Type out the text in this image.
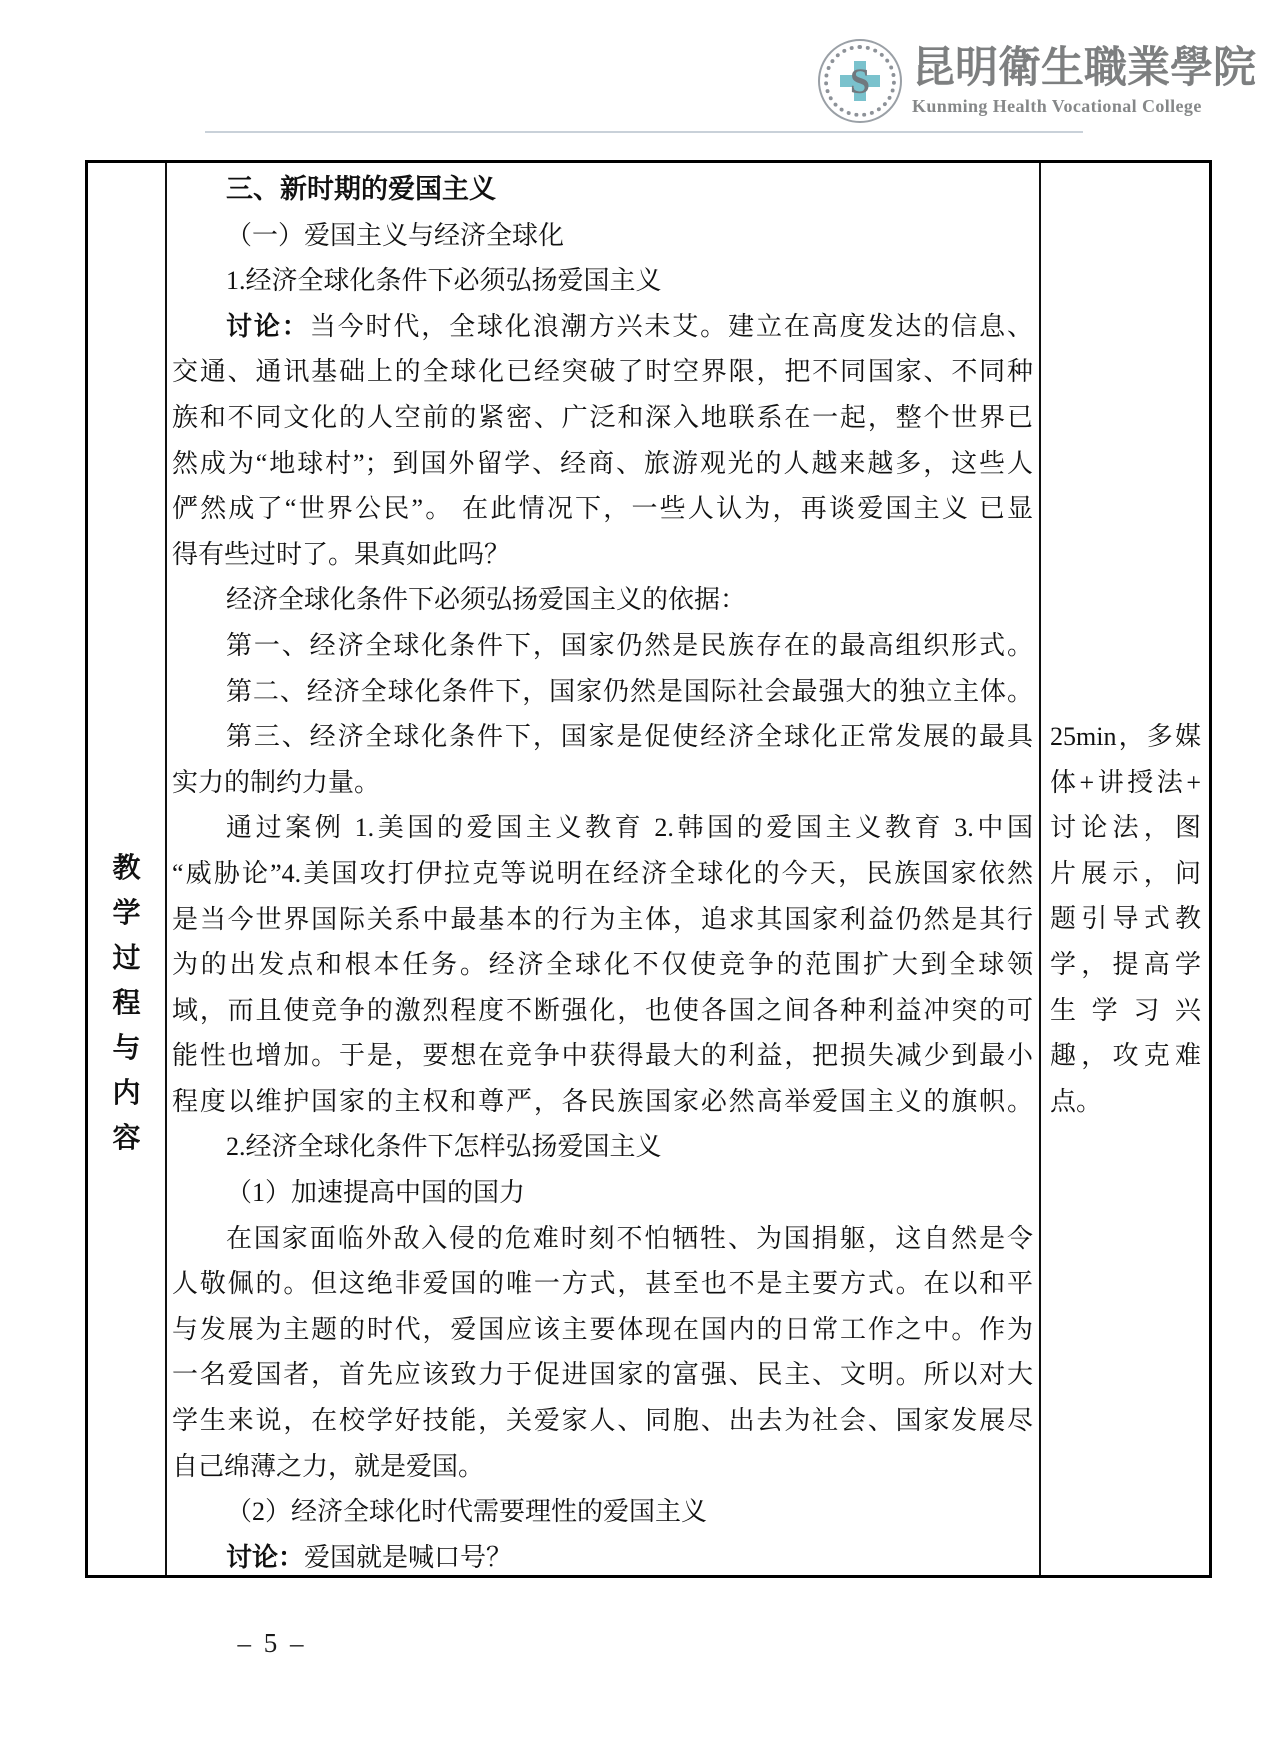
S 昆明衛生職業學院
Kunming Health Vocational College
教
学
过
程
与
内
容
三、新时期的爱国主义
（一）爱国主义与经济全球化
1.经济全球化条件下必须弘扬爱国主义
讨论：当今时代，全球化浪潮方兴未艾。建立在高度发达的信息、
交通、通讯基础上的全球化已经突破了时空界限，把不同国家、不同种
族和不同文化的人空前的紧密、广泛和深入地联系在一起，整个世界已
然成为“地球村”；到国外留学、经商、旅游观光的人越来越多，这些人
俨然成了“世界公民”。 在此情况下，一些人认为，再谈爱国主义 已显
得有些过时了。果真如此吗？
经济全球化条件下必须弘扬爱国主义的依据：
第一、经济全球化条件下，国家仍然是民族存在的最高组织形式。
第二、经济全球化条件下，国家仍然是国际社会最强大的独立主体。
第三、经济全球化条件下，国家是促使经济全球化正常发展的最具
实力的制约力量。
通过案例 1.美国的爱国主义教育 2.韩国的爱国主义教育 3.中国
“威胁论”4.美国攻打伊拉克等说明在经济全球化的今天，民族国家依然
是当今世界国际关系中最基本的行为主体，追求其国家利益仍然是其行
为的出发点和根本任务。经济全球化不仅使竞争的范围扩大到全球领
域，而且使竞争的激烈程度不断强化，也使各国之间各种利益冲突的可
能性也增加。于是，要想在竞争中获得最大的利益，把损失减少到最小
程度以维护国家的主权和尊严，各民族国家必然高举爱国主义的旗帜。
2.经济全球化条件下怎样弘扬爱国主义
（1）加速提高中国的国力
在国家面临外敌入侵的危难时刻不怕牺牲、为国捐躯，这自然是令
人敬佩的。但这绝非爱国的唯一方式，甚至也不是主要方式。在以和平
与发展为主题的时代，爱国应该主要体现在国内的日常工作之中。作为
一名爱国者，首先应该致力于促进国家的富强、民主、文明。所以对大
学生来说，在校学好技能，关爱家人、同胞、出去为社会、国家发展尽
自己绵薄之力，就是爱国。
（2）经济全球化时代需要理性的爱国主义
讨论：爱国就是喊口号？
25min，多媒
体+讲授法+
讨论法，图
片展示，问
题引导式教
学，提高学
生 学 习 兴
趣，攻克难
点。
– 5 –
